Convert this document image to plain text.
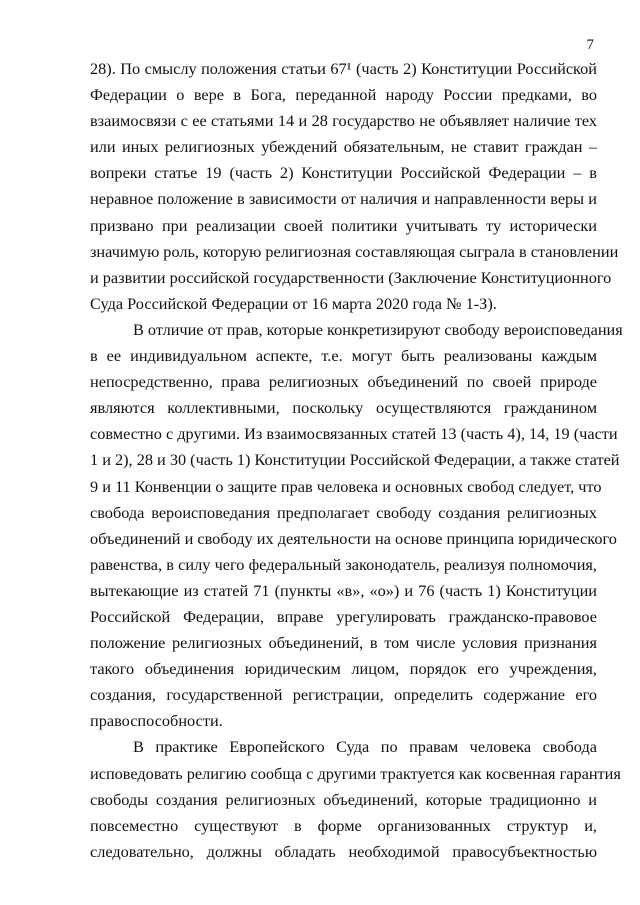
7
28). По смыслу положения статьи 67¹ (часть 2) Конституции Российской
Федерации о вере в Бога, переданной народу России предками, во
взаимосвязи с ее статьями 14 и 28 государство не объявляет наличие тех
или иных религиозных убеждений обязательным, не ставит граждан –
вопреки статье 19 (часть 2) Конституции Российской Федерации – в
неравное положение в зависимости от наличия и направленности веры и
призвано при реализации своей политики учитывать ту исторически
значимую роль, которую религиозная составляющая сыграла в становлении
и развитии российской государственности (Заключение Конституционного
Суда Российской Федерации от 16 марта 2020 года № 1-З).
В отличие от прав, которые конкретизируют свободу вероисповедания
в ее индивидуальном аспекте, т.е. могут быть реализованы каждым
непосредственно, права религиозных объединений по своей природе
являются коллективными, поскольку осуществляются гражданином
совместно с другими. Из взаимосвязанных статей 13 (часть 4), 14, 19 (части
1 и 2), 28 и 30 (часть 1) Конституции Российской Федерации, а также статей
9 и 11 Конвенции о защите прав человека и основных свобод следует, что
свобода вероисповедания предполагает свободу создания религиозных
объединений и свободу их деятельности на основе принципа юридического
равенства, в силу чего федеральный законодатель, реализуя полномочия,
вытекающие из статей 71 (пункты «в», «о») и 76 (часть 1) Конституции
Российской Федерации, вправе урегулировать гражданско-правовое
положение религиозных объединений, в том числе условия признания
такого объединения юридическим лицом, порядок его учреждения,
создания, государственной регистрации, определить содержание его
правоспособности.
В практике Европейского Суда по правам человека свобода
исповедовать религию сообща с другими трактуется как косвенная гарантия
свободы создания религиозных объединений, которые традиционно и
повсеместно существуют в форме организованных структур и,
следовательно, должны обладать необходимой правосубъектностью
